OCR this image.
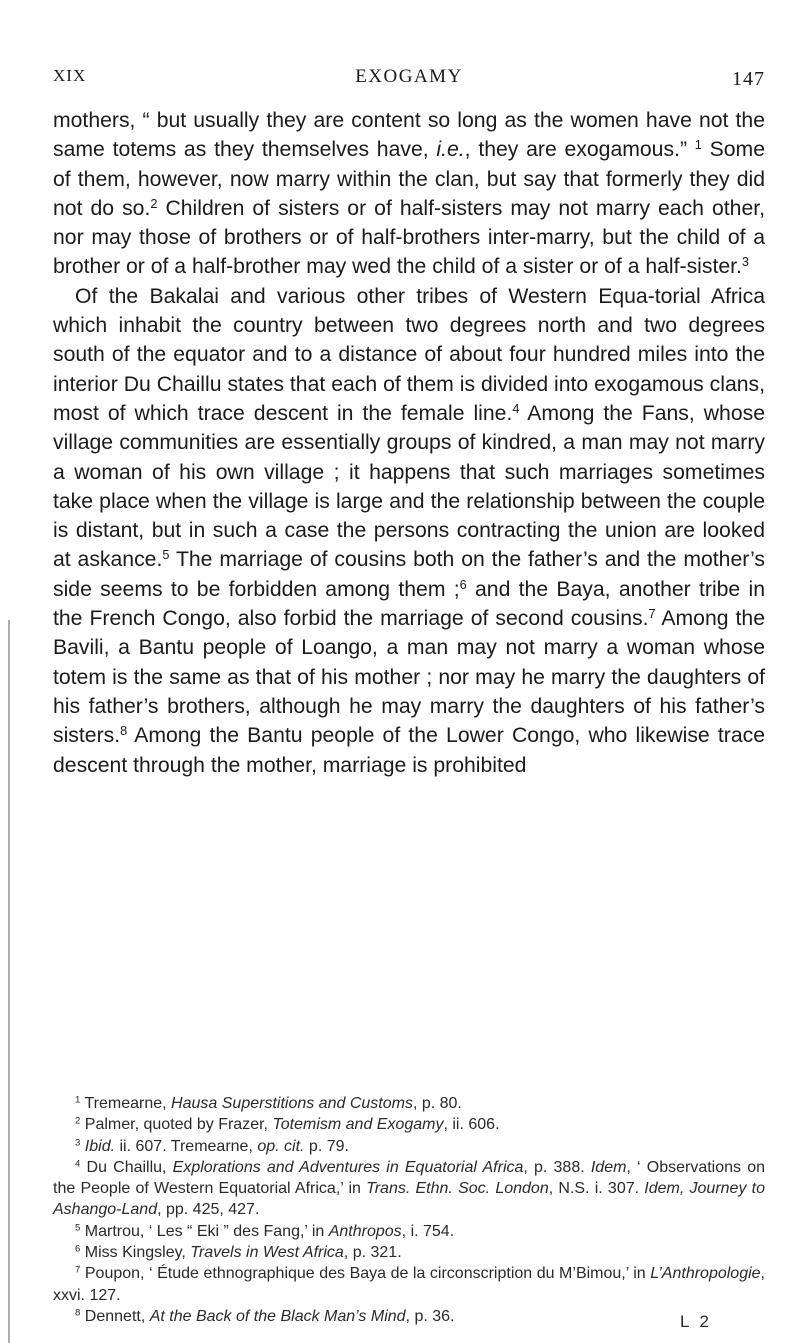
XIX	EXOGAMY	147

mothers, “ but usually they are content so long as the women have not the same totems as they themselves have, i.e., they are exogamous.” $^1$ Some of them, however, now marry within the clan, but say that formerly they did not do so.$^2$ Children of sisters or of half-sisters may not marry each other, nor may those of brothers or of half-brothers inter-marry, but the child of a brother or of a half-brother may wed the child of a sister or of a half-sister.$^3$

Of the Bakalai and various other tribes of Western Equa-torial Africa which inhabit the country between two degrees north and two degrees south of the equator and to a distance of about four hundred miles into the interior Du Chaillu states that each of them is divided into exogamous clans, most of which trace descent in the female line.$^4$ Among the Fans, whose village communities are essentially groups of kindred, a man may not marry a woman of his own village ; it happens that such marriages sometimes take place when the village is large and the relationship between the couple is distant, but in such a case the persons contracting the union are looked at askance.$^5$ The marriage of cousins both on the father’s and the mother’s side seems to be forbidden among them ;$^6$ and the Baya, another tribe in the French Congo, also forbid the marriage of second cousins.$^7$ Among the Bavili, a Bantu people of Loango, a man may not marry a woman whose totem is the same as that of his mother ; nor may he marry the daughters of his father’s brothers, although he may marry the daughters of his father’s sisters.$^8$ Among the Bantu people of the Lower Congo, who likewise trace descent through the mother, marriage is prohibited

$^1$ Tremearne, Hausa Superstitions and Customs, p. 80.

$^2$ Palmer, quoted by Frazer, Totemism and Exogamy, ii. 606.

$^3$ Ibid. ii. 607. Tremearne, op. cit. p. 79.

$^4$ Du Chaillu, Explorations and Adventures in Equatorial Africa, p. 388. Idem, ‘ Observations on the People of Western Equatorial Africa,’ in Trans. Ethn. Soc. London, N.S. i. 307. Idem, Journey to Ashango-Land, pp. 425, 427.

$^5$ Martrou, ‘ Les “ Eki ” des Fang,’ in Anthropos, i. 754.

$^6$ Miss Kingsley, Travels in West Africa, p. 321.

$^7$ Poupon, ‘ Étude ethnographique des Baya de la circonscription du M’Bimou,’ in L’Anthropologie, xxvi. 127.

$^8$ Dennett, At the Back of the Black Man’s Mind, p. 36.	L 2
